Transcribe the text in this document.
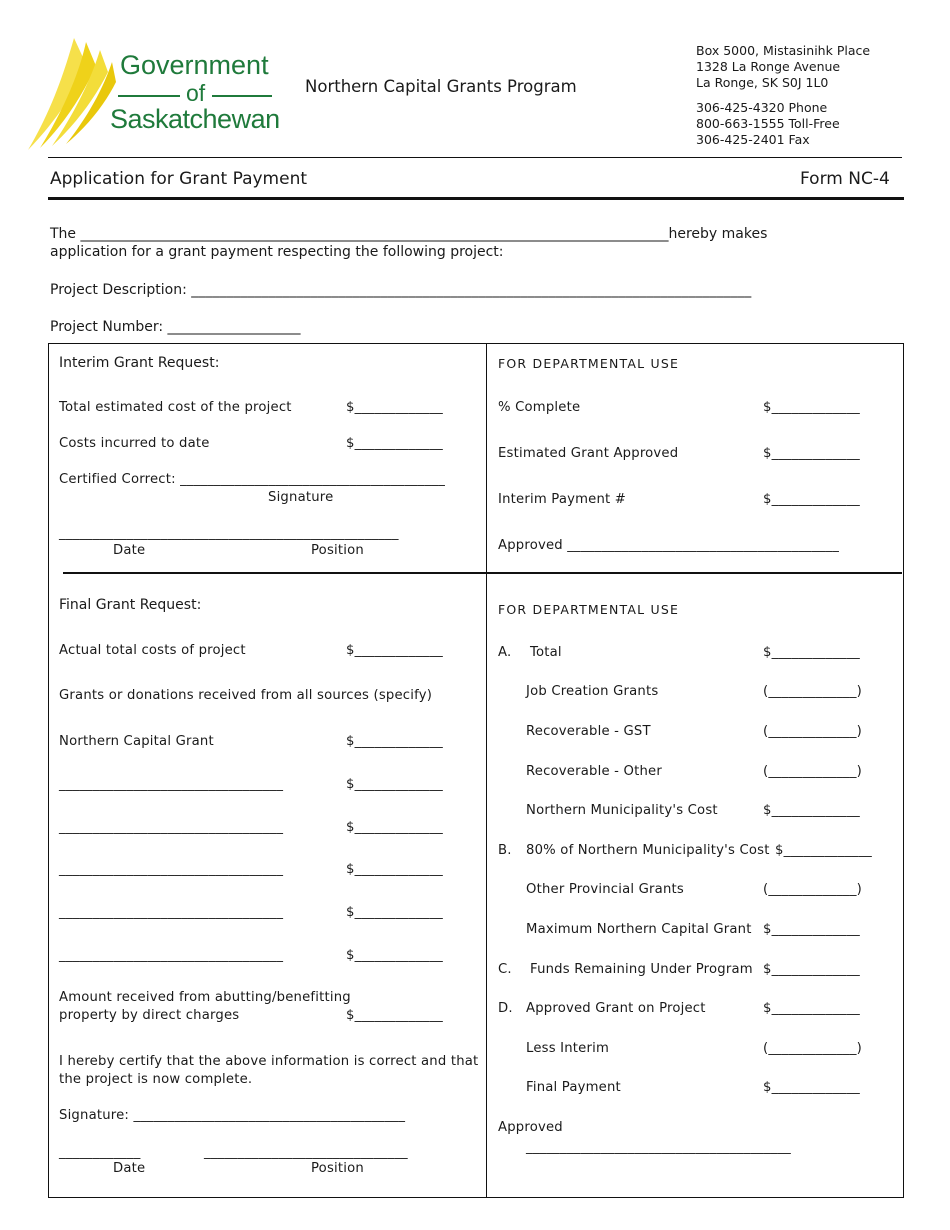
Government
of
Saskatchewan
Northern Capital Grants Program
Box 5000, Mistasinihk Place
1328 La Ronge Avenue
La Ronge, SK S0J 1L0
306-425-4320 Phone
800-663-1555 Toll-Free
306-425-2401 Fax
Application for Grant Payment	Form NC-4
The ____________________________________________________________________________________hereby makes
application for a grant payment respecting the following project:
Project Description: ________________________________________________________________________________
Project Number: ___________________
Interim Grant Request:
Total estimated cost of the project	$_____________
Costs incurred to date	$_____________
Certified Correct: _______________________________________
Signature
__________________________________________________
Date	Position
FOR DEPARTMENTAL USE
% Complete	$_____________
Estimated Grant Approved	$_____________
Interim Payment #	$_____________
Approved ________________________________________
Final Grant Request:
Actual total costs of project	$_____________
Grants or donations received from all sources (specify)
Northern Capital Grant	$_____________
_________________________________	$_____________
_________________________________	$_____________
_________________________________	$_____________
_________________________________	$_____________
_________________________________	$_____________
Amount received from abutting/benefitting
property by direct charges	$_____________
I hereby certify that the above information is correct and that
the project is now complete.
Signature: ________________________________________
____________	______________________________
Date	Position
FOR DEPARTMENTAL USE
A. Total	$_____________
Job Creation Grants	(_____________)
Recoverable - GST	(_____________)
Recoverable - Other	(_____________)
Northern Municipality's Cost	$_____________
B. 80% of Northern Municipality's Cost $_____________
Other Provincial Grants	(_____________)
Maximum Northern Capital Grant $_____________
C. Funds Remaining Under Program $_____________
D. Approved Grant on Project	$_____________
Less Interim	(_____________)
Final Payment	$_____________
Approved
_______________________________________
